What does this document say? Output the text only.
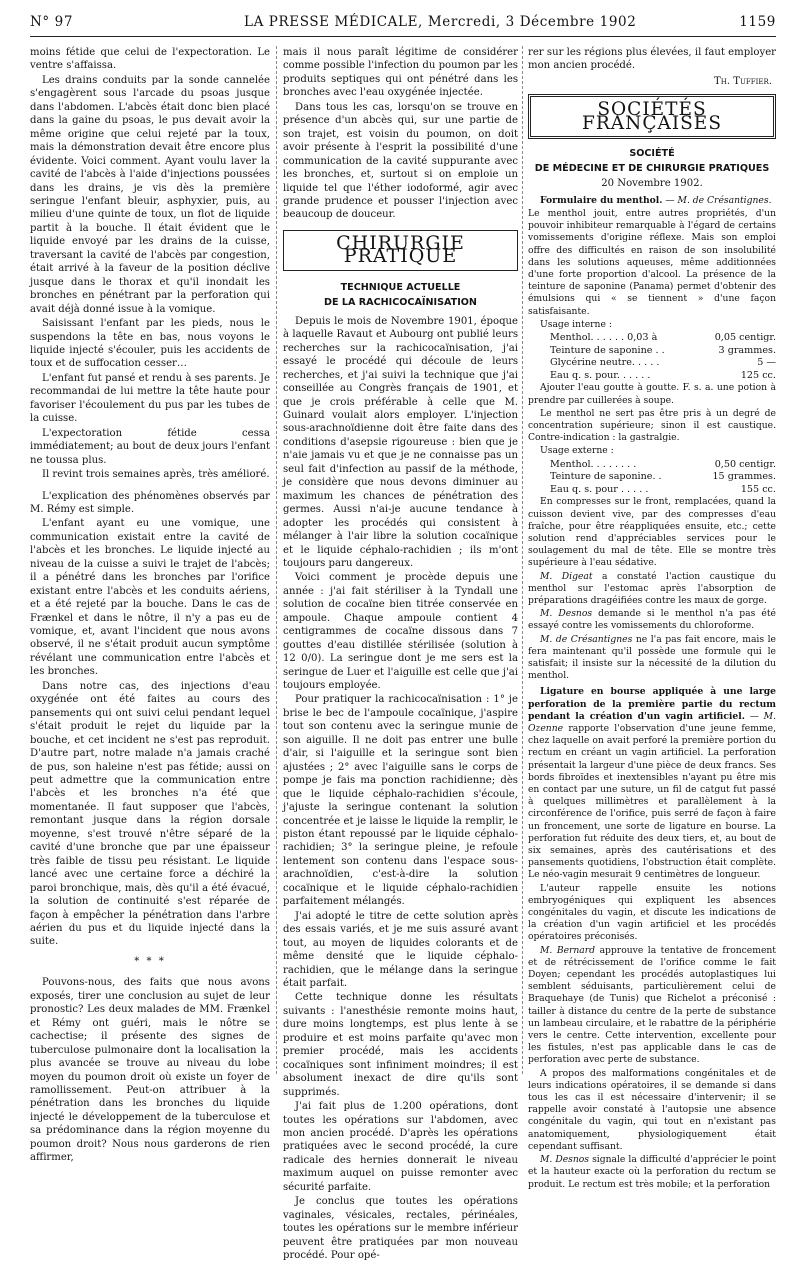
N° 97	LA PRESSE MÉDICALE, Mercredi, 3 Décembre 1902	1159

moins fétide que celui de l'expectoration. Le ventre s'affaissa.

Les drains conduits par la sonde cannelée s'engagèrent sous l'arcade du psoas jusque dans l'abdomen. L'abcès était donc bien placé dans la gaine du psoas, le pus devait avoir la même origine que celui rejeté par la toux, mais la démonstration devait être encore plus évidente. Voici comment. Ayant voulu laver la cavité de l'abcès à l'aide d'injections poussées dans les drains, je vis dès la première seringue l'enfant bleuir, asphyxier, puis, au milieu d'une quinte de toux, un flot de liquide partit à la bouche. Il était évident que le liquide envoyé par les drains de la cuisse, traversant la cavité de l'abcès par congestion, était arrivé à la faveur de la position déclive jusque dans le thorax et qu'il inondait les bronches en pénétrant par la perforation qui avait déjà donné issue à la vomique.

Saisissant l'enfant par les pieds, nous le suspendons la tête en bas, nous voyons le liquide injecté s'écouler, puis les accidents de toux et de suffocation cesser…

L'enfant fut pansé et rendu à ses parents. Je recommandai de lui mettre la tête haute pour favoriser l'écoulement du pus par les tubes de la cuisse.

L'expectoration fétide cessa immédiatement; au bout de deux jours l'enfant ne toussa plus.

Il revint trois semaines après, très amélioré.

L'explication des phénomènes observés par M. Rémy est simple.

L'enfant ayant eu une vomique, une communication existait entre la cavité de l'abcès et les bronches. Le liquide injecté au niveau de la cuisse a suivi le trajet de l'abcès; il a pénétré dans les bronches par l'orifice existant entre l'abcès et les conduits aériens, et a été rejeté par la bouche. Dans le cas de Frænkel et dans le nôtre, il n'y a pas eu de vomique, et, avant l'incident que nous avons observé, il ne s'était produit aucun symptôme révélant une communication entre l'abcès et les bronches.

Dans notre cas, des injections d'eau oxygénée ont été faites au cours des pansements qui ont suivi celui pendant lequel s'était produit le rejet du liquide par la bouche, et cet incident ne s'est pas reproduit. D'autre part, notre malade n'a jamais craché de pus, son haleine n'est pas fétide; aussi on peut admettre que la communication entre l'abcès et les bronches n'a été que momentanée. Il faut supposer que l'abcès, remontant jusque dans la région dorsale moyenne, s'est trouvé n'être séparé de la cavité d'une bronche que par une épaisseur très faible de tissu peu résistant. Le liquide lancé avec une certaine force a déchiré la paroi bronchique, mais, dès qu'il a été évacué, la solution de continuité s'est réparée de façon à empêcher la pénétration dans l'arbre aérien du pus et du liquide injecté dans la suite.

* * *

Pouvons-nous, des faits que nous avons exposés, tirer une conclusion au sujet de leur pronostic? Les deux malades de MM. Frænkel et Rémy ont guéri, mais le nôtre se cachectise; il présente des signes de tuberculose pulmonaire dont la localisation la plus avancée se trouve au niveau du lobe moyen du poumon droit où existe un foyer de ramollissement. Peut-on attribuer à la pénétration dans les bronches du liquide injecté le développement de la tuberculose et sa prédominance dans la région moyenne du poumon droit? Nous nous garderons de rien affirmer,

mais il nous paraît légitime de considérer comme possible l'infection du poumon par les produits septiques qui ont pénétré dans les bronches avec l'eau oxygénée injectée.

Dans tous les cas, lorsqu'on se trouve en présence d'un abcès qui, sur une partie de son trajet, est voisin du poumon, on doit avoir présente à l'esprit la possibilité d'une communication de la cavité suppurante avec les bronches, et, surtout si on emploie un liquide tel que l'éther iodoformé, agir avec grande prudence et pousser l'injection avec beaucoup de douceur.

CHIRURGIE PRATIQUE
TECHNIQUE ACTUELLE
DE LA RACHICOCAÏNISATION

Depuis le mois de Novembre 1901, époque à laquelle Ravaut et Aubourg ont publié leurs recherches sur la rachicocaïnisation, j'ai essayé le procédé qui découle de leurs recherches, et j'ai suivi la technique que j'ai conseillée au Congrès français de 1901, et que je crois préférable à celle que M. Guinard voulait alors employer. L'injection sous-arachnoïdienne doit être faite dans des conditions d'asepsie rigoureuse : bien que je n'aie jamais vu et que je ne connaisse pas un seul fait d'infection au passif de la méthode, je considère que nous devons diminuer au maximum les chances de pénétration des germes. Aussi n'ai-je aucune tendance à adopter les procédés qui consistent à mélanger à l'air libre la solution cocaïnique et le liquide céphalo-rachidien ; ils m'ont toujours paru dangereux.

Voici comment je procède depuis une année : j'ai fait stériliser à la Tyndall une solution de cocaïne bien titrée conservée en ampoule. Chaque ampoule contient 4 centigrammes de cocaïne dissous dans 7 gouttes d'eau distillée stérilisée (solution à 12 0/0). La seringue dont je me sers est la seringue de Luer et l'aiguille est celle que j'ai toujours employée.

Pour pratiquer la rachicocaïnisation : 1° je brise le bec de l'ampoule cocaïnique, j'aspire tout son contenu avec la seringue munie de son aiguille. Il ne doit pas entrer une bulle d'air, si l'aiguille et la seringue sont bien ajustées ; 2° avec l'aiguille sans le corps de pompe je fais ma ponction rachidienne; dès que le liquide céphalo-rachidien s'écoule, j'ajuste la seringue contenant la solution concentrée et je laisse le liquide la remplir, le piston étant repoussé par le liquide céphalo-rachidien; 3° la seringue pleine, je refoule lentement son contenu dans l'espace sous-arachnoïdien, c'est-à-dire la solution cocaïnique et le liquide céphalo-rachidien parfaitement mélangés.

J'ai adopté le titre de cette solution après des essais variés, et je me suis assuré avant tout, au moyen de liquides colorants et de même densité que le liquide céphalo-rachidien, que le mélange dans la seringue était parfait.

Cette technique donne les résultats suivants : l'anesthésie remonte moins haut, dure moins longtemps, est plus lente à se produire et est moins parfaite qu'avec mon premier procédé, mais les accidents cocaïniques sont infiniment moindres; il est absolument inexact de dire qu'ils sont supprimés.

J'ai fait plus de 1.200 opérations, dont toutes les opérations sur l'abdomen, avec mon ancien procédé. D'après les opérations pratiquées avec le second procédé, la cure radicale des hernies donnerait le niveau maximum auquel on puisse remonter avec sécurité parfaite.

Je conclus que toutes les opérations vaginales, vésicales, rectales, périnéales, toutes les opérations sur le membre inférieur peuvent être pratiquées par mon nouveau procédé. Pour opé-

rer sur les régions plus élevées, il faut employer mon ancien procédé.

Th. Tuffier.

SOCIÉTÉS FRANÇAISES
SOCIÉTÉ
DE MÉDECINE ET DE CHIRURGIE PRATIQUES

20 Novembre 1902.

Formulaire du menthol. — M. de Crésantignes.

Le menthol jouit, entre autres propriétés, d'un pouvoir inhibiteur remarquable à l'égard de certains vomissements d'origine réflexe. Mais son emploi offre des difficultés en raison de son insolubilité dans les solutions aqueuses, même additionnées d'une forte proportion d'alcool. La présence de la teinture de saponine (Panama) permet d'obtenir des émulsions qui « se tiennent » d'une façon satisfaisante.

Usage interne :

Menthol. . . . . . 0,03 à	0,05 centigr.
Teinture de saponine . .	3 grammes.
Glycérine neutre. . . . .	5 —
Eau q. s. pour. . . . . .	125 cc.

Ajouter l'eau goutte à goutte. F. s. a. une potion à prendre par cuillerées à soupe.

Le menthol ne sert pas être pris à un degré de concentration supérieure; sinon il est caustique. Contre-indication : la gastralgie.

Usage externe :

Menthol. . . . . . . .	0,50 centigr.
Teinture de saponine. .	15 grammes.
Eau q. s. pour . . . . .	155 cc.

En compresses sur le front, remplacées, quand la cuisson devient vive, par des compresses d'eau fraîche, pour être réappliquées ensuite, etc.; cette solution rend d'appréciables services pour le soulagement du mal de tête. Elle se montre très supérieure à l'eau sédative.

M. Digeat a constaté l'action caustique du menthol sur l'estomac après l'absorption de préparations dragéifiées contre les maux de gorge.

M. Desnos demande si le menthol n'a pas été essayé contre les vomissements du chloroforme.

M. de Crésantignes ne l'a pas fait encore, mais le fera maintenant qu'il possède une formule qui le satisfait; il insiste sur la nécessité de la dilution du menthol.

Ligature en bourse appliquée à une large perforation de la première partie du rectum pendant la création d'un vagin artificiel. — M. Ozenne rapporte l'observation d'une jeune femme, chez laquelle on avait perforé la première portion du rectum en créant un vagin artificiel. La perforation présentait la largeur d'une pièce de deux francs. Ses bords fibroïdes et inextensibles n'ayant pu être mis en contact par une suture, un fil de catgut fut passé à quelques millimètres et parallèlement à la circonférence de l'orifice, puis serré de façon à faire un froncement, une sorte de ligature en bourse. La perforation fut réduite des deux tiers, et, au bout de six semaines, après des cautérisations et des pansements quotidiens, l'obstruction était complète. Le néo-vagin mesurait 9 centimètres de longueur.

L'auteur rappelle ensuite les notions embryogéniques qui expliquent les absences congénitales du vagin, et discute les indications de la création d'un vagin artificiel et les procédés opératoires préconisés.

M. Bernard approuve la tentative de froncement et de rétrécissement de l'orifice comme le fait Doyen; cependant les procédés autoplastiques lui semblent séduisants, particulièrement celui de Braquehaye (de Tunis) que Richelot a préconisé : tailler à distance du centre de la perte de substance un lambeau circulaire, et le rabattre de la périphérie vers le centre. Cette intervention, excellente pour les fistules, n'est pas applicable dans le cas de perforation avec perte de substance.

A propos des malformations congénitales et de leurs indications opératoires, il se demande si dans tous les cas il est nécessaire d'intervenir; il se rappelle avoir constaté à l'autopsie une absence congénitale du vagin, qui tout en n'existant pas anatomiquement, physiologiquement était cependant suffisant.

M. Desnos signale la difficulté d'apprécier le point et la hauteur exacte où la perforation du rectum se produit. Le rectum est très mobile; et la perforation
